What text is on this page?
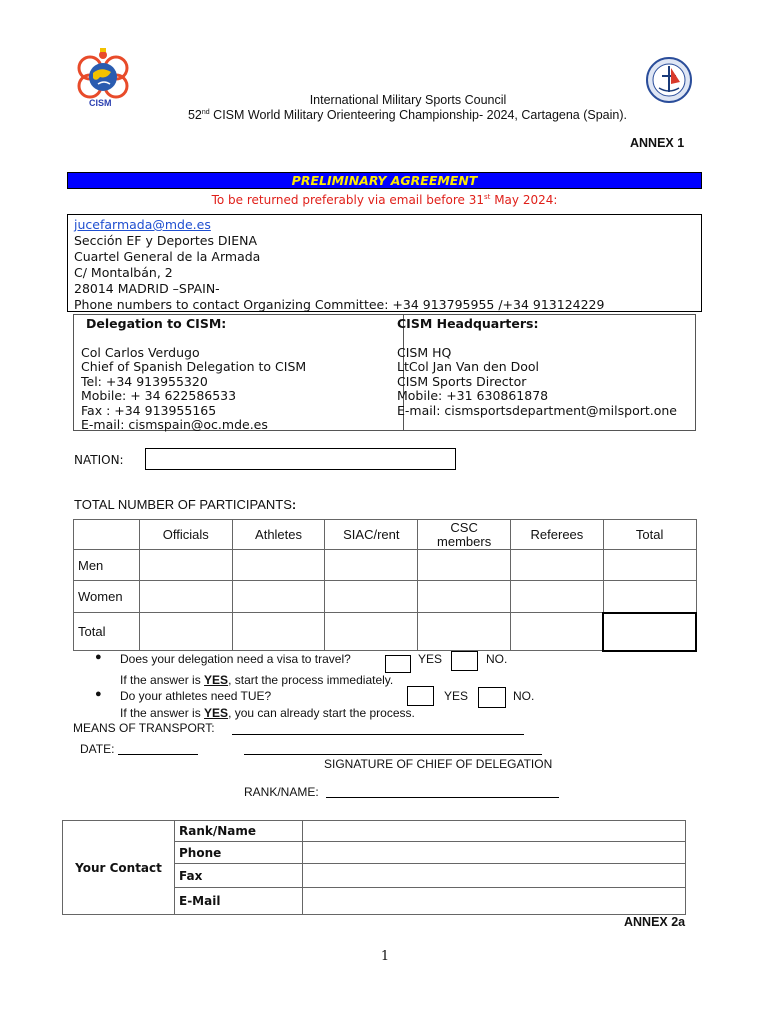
CISM	International Military Sports Council
52nd CISM World Military Orienteering Championship- 2024, Cartagena (Spain).
ANNEX 1
PRELIMINARY AGREEMENT
To be returned preferably via email before 31st May 2024:
jucefarmada@mde.es
Sección EF y Deportes DIENA
Cuartel General de la Armada
C/ Montalbán, 2
28014 MADRID –SPAIN-
Phone numbers to contact Organizing Committee: +34 913795955 /+34 913124229
Delegation to CISM:
Col Carlos Verdugo
Chief of Spanish Delegation to CISM
Tel: +34 913955320
Mobile: + 34 622586533
Fax : +34 913955165
E-mail: cismspain@oc.mde.es
CISM Headquarters:
CISM HQ
LtCol Jan Van den Dool
CISM Sports Director
Mobile: +31 630861878
E-mail: cismsportsdepartment@milsport.one
NATION:
TOTAL NUMBER OF PARTICIPANTS:
	Officials	Athletes	SIAC/rent	CSC members	Referees	Total
Men						
Women						
Total						
● Does your delegation need a visa to travel?	YES	NO.
If the answer is YES, start the process immediately.
● Do your athletes need TUE?	YES	NO.
If the answer is YES, you can already start the process.
MEANS OF TRANSPORT:
DATE:
SIGNATURE OF CHIEF OF DELEGATION
RANK/NAME:
Your Contact	Rank/Name	
	Phone	
	Fax	
	E-Mail	
ANNEX 2a
1
